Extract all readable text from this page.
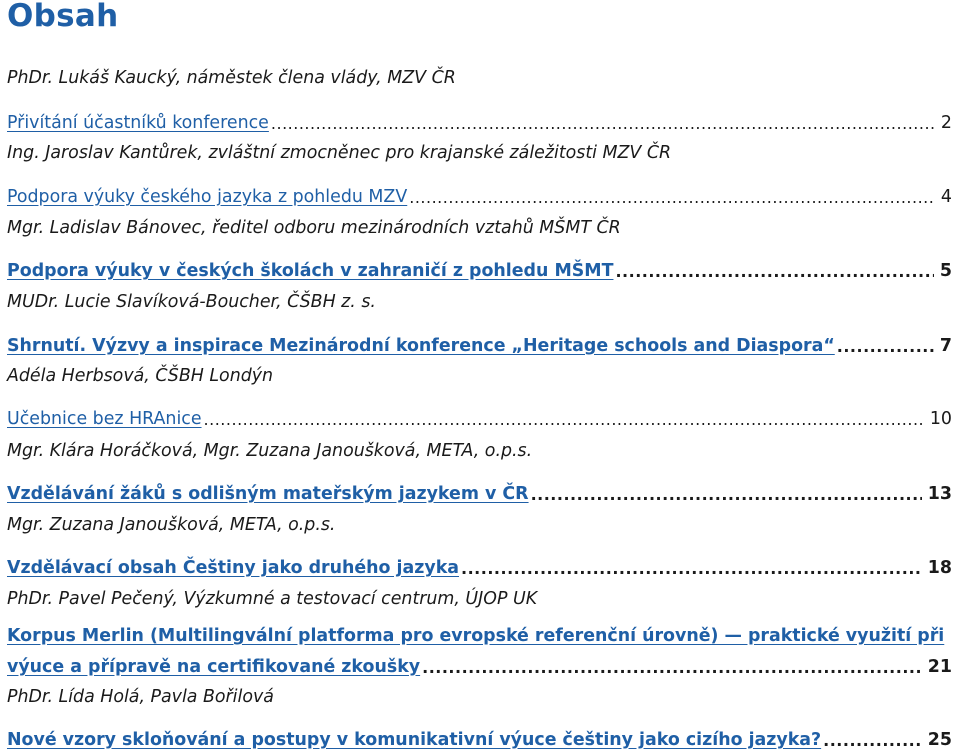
Obsah
PhDr. Lukáš Kaucký, náměstek člena vlády, MZV ČR
Přivítání účastníků konference .....	2
Ing. Jaroslav Kantůrek, zvláštní zmocněnec pro krajanské záležitosti MZV ČR
Podpora výuky českého jazyka z pohledu MZV .....	4
Mgr. Ladislav Bánovec, ředitel odboru mezinárodních vztahů MŠMT ČR
Podpora výuky v českých školách v zahraničí z pohledu MŠMT .....	5
MUDr. Lucie Slavíková-Boucher, ČŠBH z. s.
Shrnutí. Výzvy a inspirace Mezinárodní konference „Heritage schools and Diaspora“ .....	7
Adéla Herbsová, ČŠBH Londýn
Učebnice bez HRAnice .....	10
Mgr. Klára Horáčková, Mgr. Zuzana Janoušková, META, o.p.s.
Vzdělávání žáků s odlišným mateřským jazykem v ČR .....	13
Mgr. Zuzana Janoušková, META, o.p.s.
Vzdělávací obsah Češtiny jako druhého jazyka .....	18
PhDr. Pavel Pečený, Výzkumné a testovací centrum, ÚJOP UK
Korpus Merlin (Multilingvální platforma pro evropské referenční úrovně) — praktické využití při
výuce a přípravě na certifikované zkoušky .....	21
PhDr. Lída Holá, Pavla Bořilová
Nové vzory skloňování a postupy v komunikativní výuce češtiny jako cizího jazyka? .....	25
